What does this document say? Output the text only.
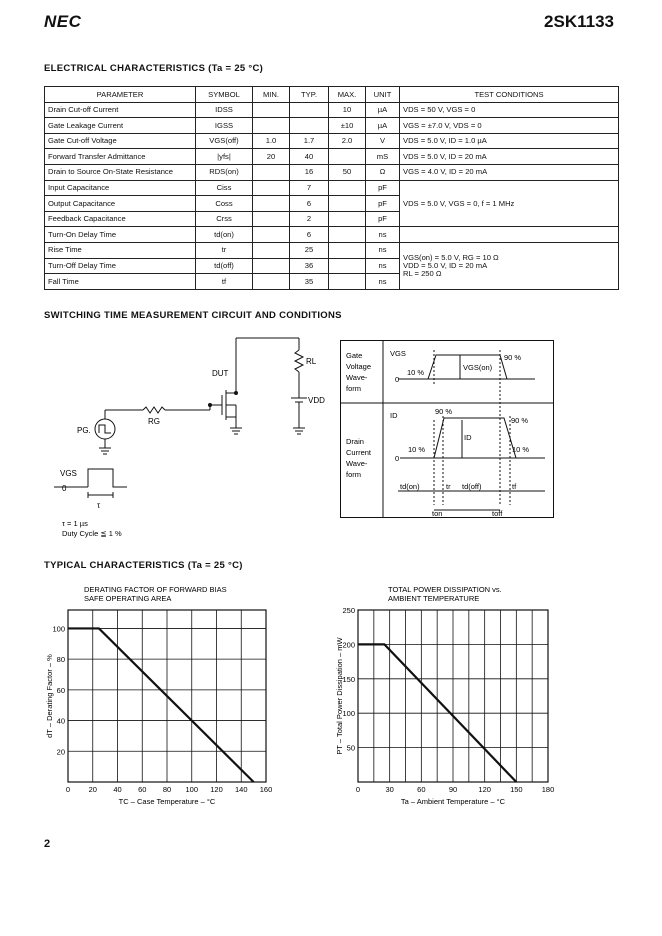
NEC	2SK1133
ELECTRICAL CHARACTERISTICS (Ta = 25 °C)
PARAMETER	SYMBOL	MIN.	TYP.	MAX.	UNIT	TEST CONDITIONS
Drain Cut-off Current	IDSS			10	µA	VDS = 50 V, VGS = 0
Gate Leakage Current	IGSS			±10	µA	VGS = ±7.0 V, VDS = 0
Gate Cut-off Voltage	VGS(off)	1.0	1.7	2.0	V	VDS = 5.0 V, ID = 1.0 µA
Forward Transfer Admittance	|yfs|	20	40		mS	VDS = 5.0 V, ID = 20 mA
Drain to Source On-State Resistance	RDS(on)		16	50	Ω	VGS = 4.0 V, ID = 20 mA
Input Capacitance	Ciss		7		pF	VDS = 5.0 V, VGS = 0, f = 1 MHz
Output Capacitance	Coss		6		pF	
Feedback Capacitance	Crss		2		pF	
Turn-On Delay Time	td(on)		6		ns	
Rise Time	tr		25		ns	VGS(on) = 5.0 V, RG = 10 Ω
VDD = 5.0 V, ID = 20 mA
RL = 250 Ω

Turn-Off Delay Time	td(off)		36		ns	
Fall Time	tf		35		ns	
SWITCHING TIME MEASUREMENT CIRCUIT AND CONDITIONS
RL
DUT
VDD
RG
PG.
VGS
0
τ
τ = 1 µs
Duty Cycle ≦ 1 %
Gate
Voltage
Wave-
form
Drain
Current
Wave-
form
VGS
10 %
90 %
VGS(on)
0
ID	90 %
90 %
ID
10 %	10 %
0
td(on)	tr td(off)	tf
ton	toff
TYPICAL CHARACTERISTICS (Ta = 25 °C)
DERATING FACTOR OF FORWARD BIAS
SAFE OPERATING AREA
0 20 40 60 80 100 120 140 160
20
40
60
80
100
TC – Case Temperature – °C
dT – Derating Factor – %
TOTAL POWER DISSIPATION vs.
AMBIENT TEMPERATURE
0	30	60	90	120	150	180
50
100
150
200
250
Ta – Ambient Temperature – °C
PT – Total Power Dissipation – mW
2
